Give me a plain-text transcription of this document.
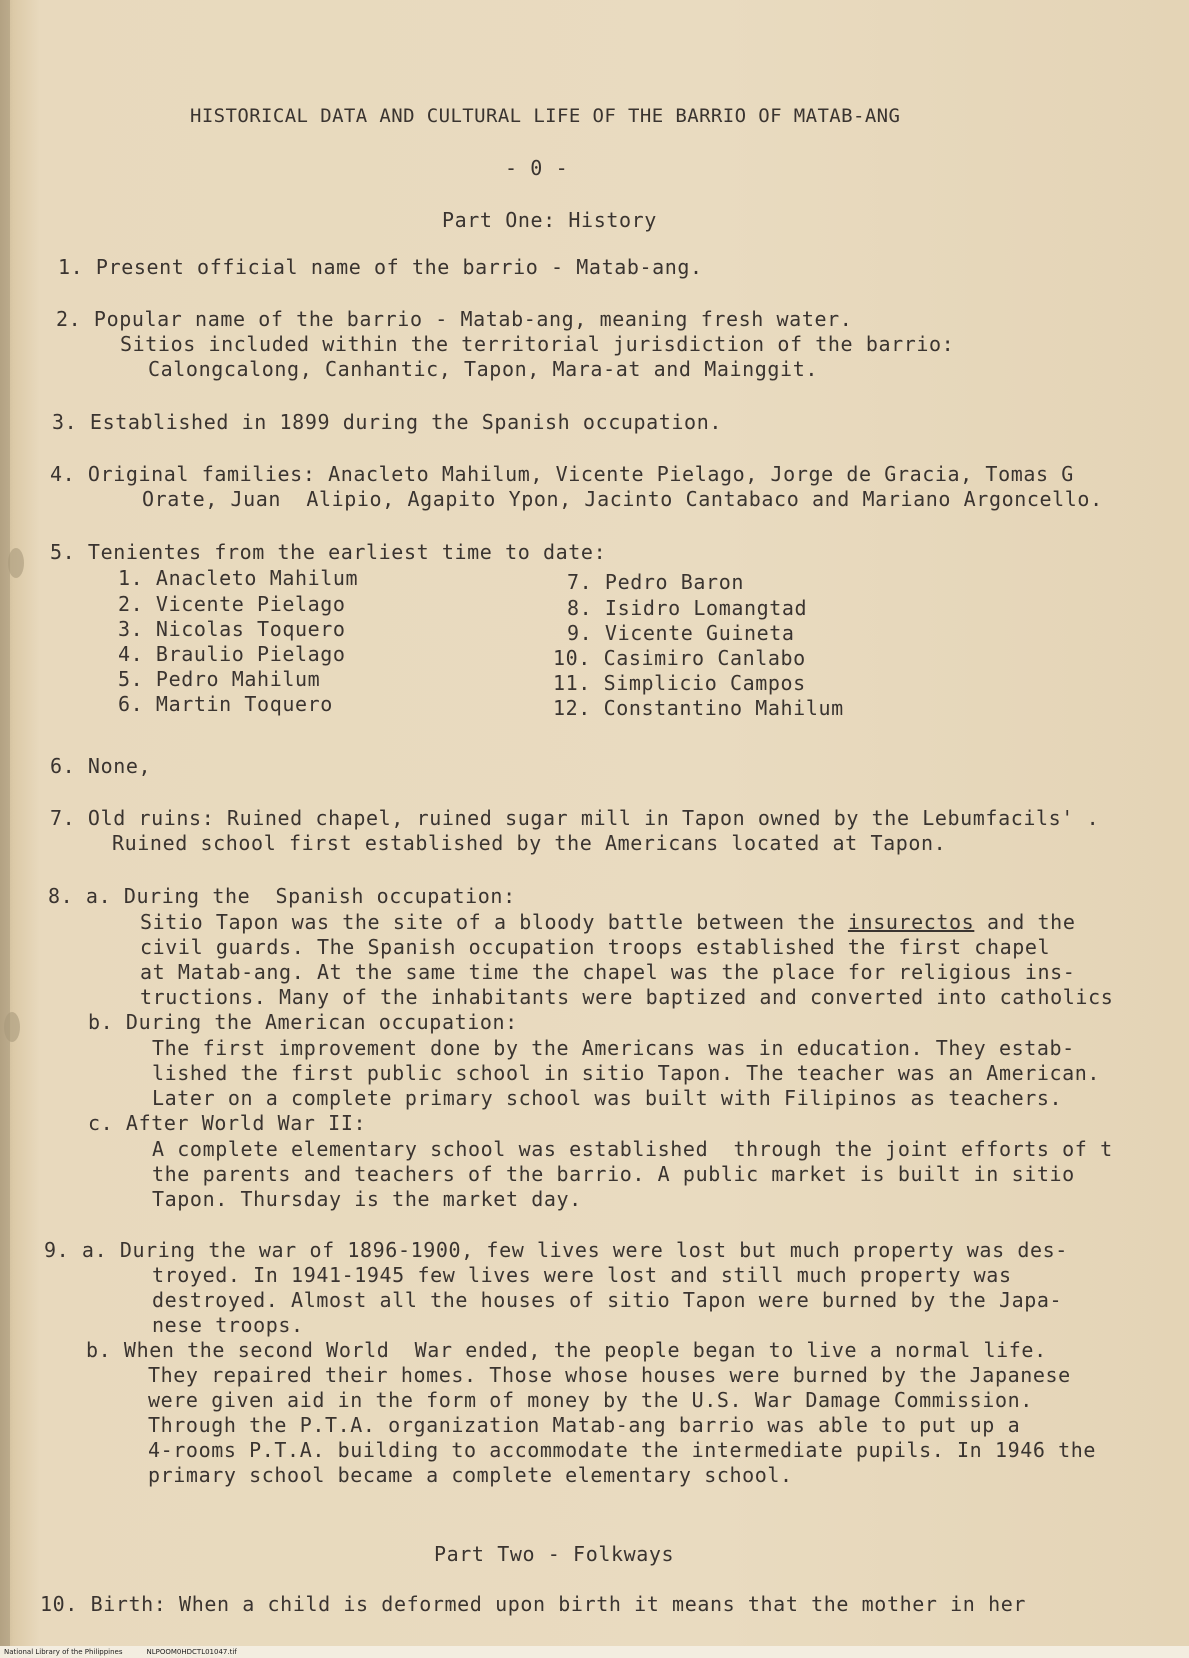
HISTORICAL DATA AND CULTURAL LIFE OF THE BARRIO OF MATAB-ANG
- 0 -
Part One: History
1. Present official name of the barrio - Matab-ang.
2. Popular name of the barrio - Matab-ang, meaning fresh water.
Sitios included within the territorial jurisdiction of the barrio:
Calongcalong, Canhantic, Tapon, Mara-at and Mainggit.
3. Established in 1899 during the Spanish occupation.
4. Original families: Anacleto Mahilum, Vicente Pielago, Jorge de Gracia, Tomas G
Orate, Juan  Alipio, Agapito Ypon, Jacinto Cantabaco and Mariano Argoncello.
5. Tenientes from the earliest time to date:
1. Anacleto Mahilum
2. Vicente Pielago
3. Nicolas Toquero
4. Braulio Pielago
5. Pedro Mahilum
6. Martin Toquero
7. Pedro Baron
8. Isidro Lomangtad
9. Vicente Guineta
10. Casimiro Canlabo
11. Simplicio Campos
12. Constantino Mahilum
6. None,
7. Old ruins: Ruined chapel, ruined sugar mill in Tapon owned by the Lebumfacils' .
Ruined school first established by the Americans located at Tapon.
8. a. During the  Spanish occupation:
Sitio Tapon was the site of a bloody battle between the insurectos and the
civil guards. The Spanish occupation troops established the first chapel
at Matab-ang. At the same time the chapel was the place for religious ins-
tructions. Many of the inhabitants were baptized and converted into catholics
b. During the American occupation:
The first improvement done by the Americans was in education. They estab-
lished the first public school in sitio Tapon. The teacher was an American.
Later on a complete primary school was built with Filipinos as teachers.
c. After World War II:
A complete elementary school was established  through the joint efforts of t
the parents and teachers of the barrio. A public market is built in sitio
Tapon. Thursday is the market day.
9. a. During the war of 1896-1900, few lives were lost but much property was des-
troyed. In 1941-1945 few lives were lost and still much property was
destroyed. Almost all the houses of sitio Tapon were burned by the Japa-
nese troops.
b. When the second World  War ended, the people began to live a normal life.
They repaired their homes. Those whose houses were burned by the Japanese
were given aid in the form of money by the U.S. War Damage Commission.
Through the P.T.A. organization Matab-ang barrio was able to put up a
4-rooms P.T.A. building to accommodate the intermediate pupils. In 1946 the
primary school became a complete elementary school.
Part Two - Folkways
10. Birth: When a child is deformed upon birth it means that the mother in her
National Library of the Philippines	NLPOOM0HDCTL01047.tif
